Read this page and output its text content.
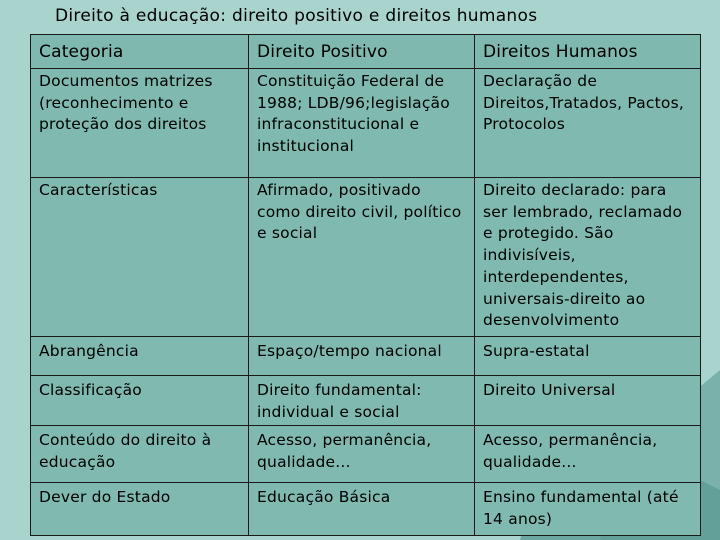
Direito à educação: direito positivo e direitos humanos
Categoria	Direito Positivo	Direitos Humanos
Documentos matrizes (reconhecimento e proteção dos direitos	Constituição Federal de 1988; LDB/96;legislação infraconstitucional e institucional	Declaração de Direitos,Tratados, Pactos, Protocolos
Características	Afirmado, positivado como direito civil, político e social	Direito declarado: para ser lembrado, reclamado e protegido. São indivisíveis, interdependentes, universais-direito ao desenvolvimento
Abrangência	Espaço/tempo nacional	Supra-estatal
Classificação	Direito fundamental: individual e social	Direito Universal
Conteúdo do direito à educação	Acesso, permanência, qualidade...	Acesso, permanência, qualidade...
Dever do Estado	Educação Básica	Ensino fundamental (até 14 anos)
